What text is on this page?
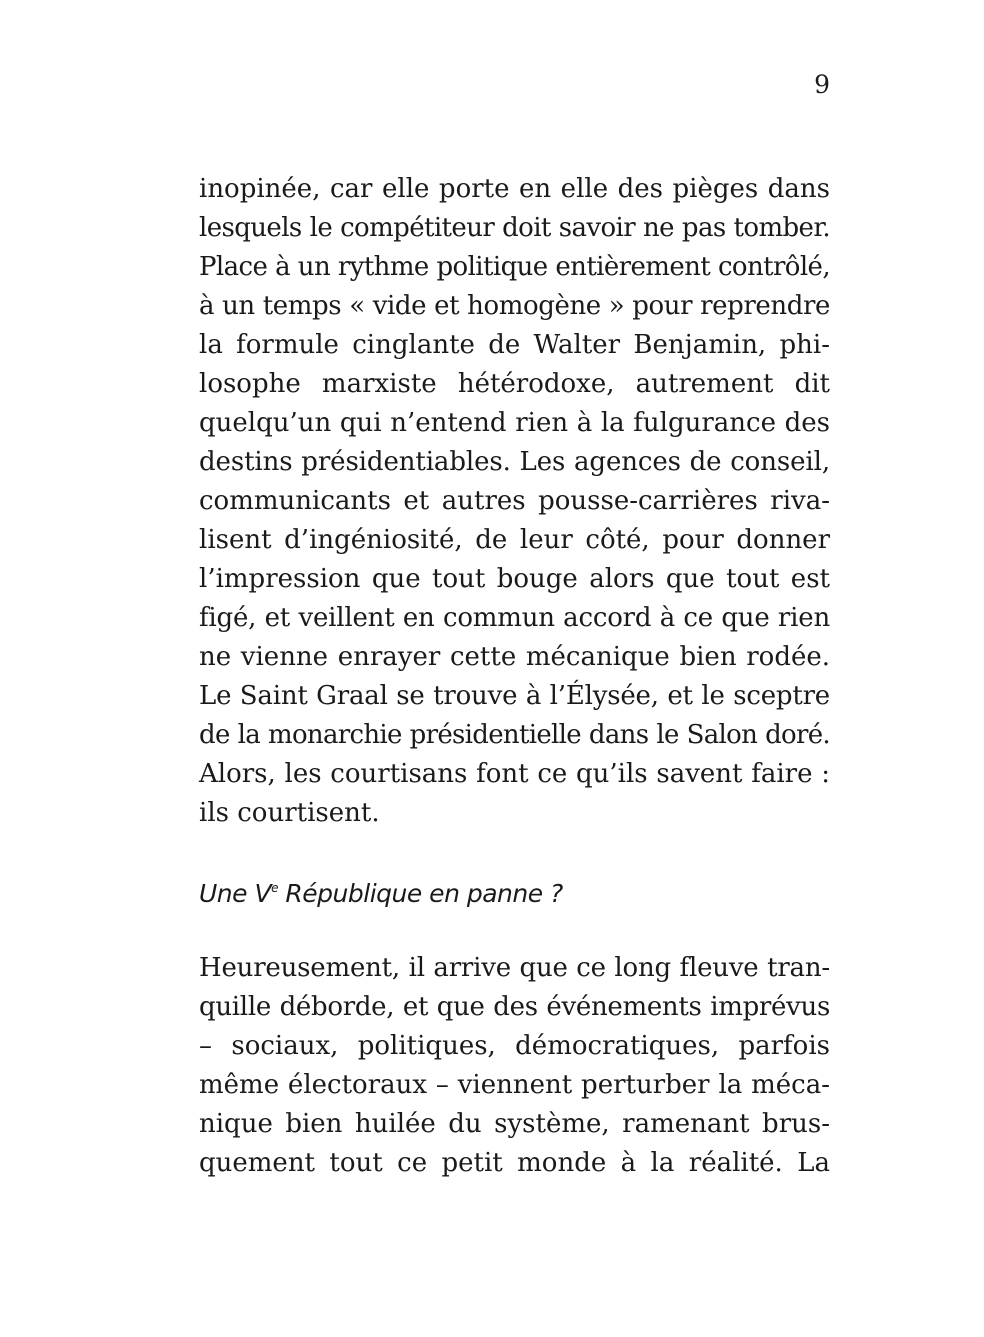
9
inopinée, car elle porte en elle des pièges dans
lesquels le compétiteur doit savoir ne pas tomber.
Place à un rythme politique entièrement contrôlé,
à un temps « vide et homogène » pour reprendre
la formule cinglante de Walter Benjamin, phi-
losophe marxiste hétérodoxe, autrement dit
quelqu’un qui n’entend rien à la fulgurance des
destins présidentiables. Les agences de conseil,
communicants et autres pousse-carrières riva-
lisent d’ingéniosité, de leur côté, pour donner
l’impression que tout bouge alors que tout est
figé, et veillent en commun accord à ce que rien
ne vienne enrayer cette mécanique bien rodée.
Le Saint Graal se trouve à l’Élysée, et le sceptre
de la monarchie présidentielle dans le Salon doré.
Alors, les courtisans font ce qu’ils savent faire :
ils courtisent.
Une Ve République en panne ?
Heureusement, il arrive que ce long fleuve tran-
quille déborde, et que des événements imprévus
– sociaux, politiques, démocratiques, parfois
même électoraux – viennent perturber la méca-
nique bien huilée du système, ramenant brus-
quement tout ce petit monde à la réalité. La
